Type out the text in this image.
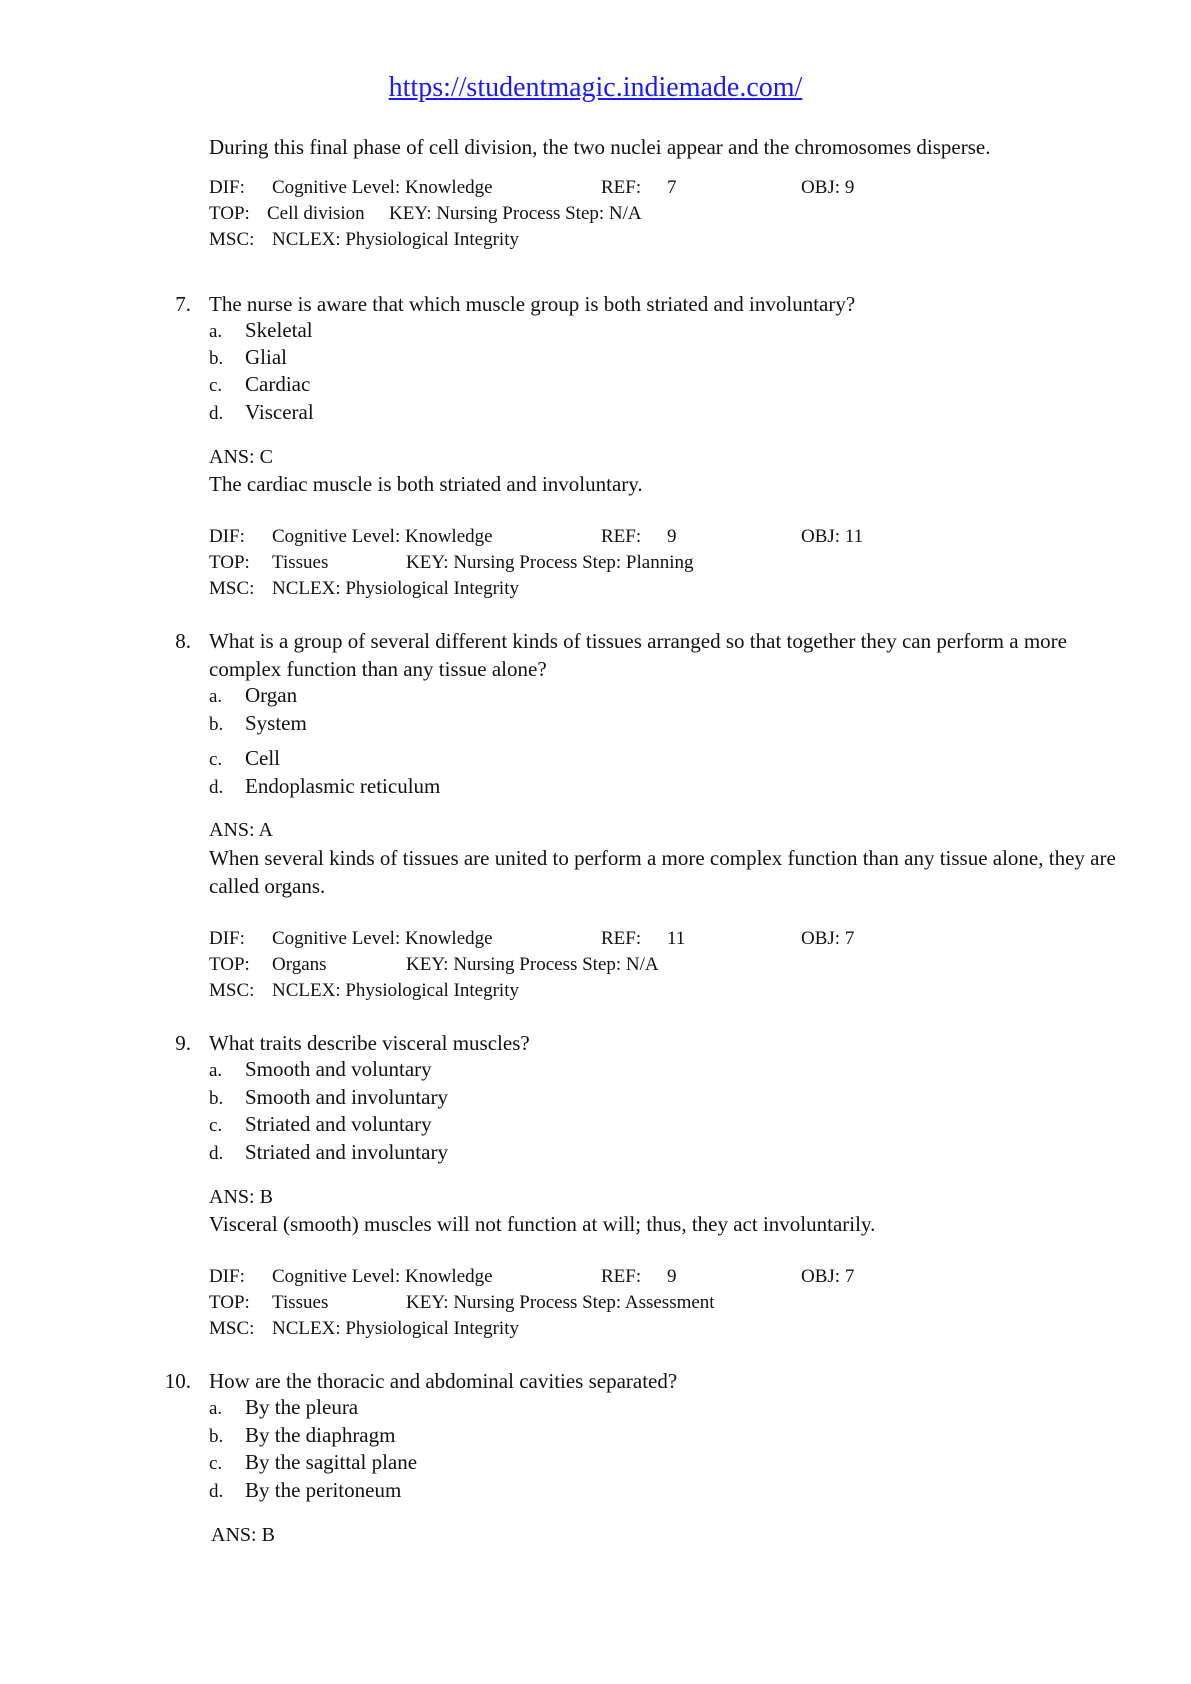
https://studentmagic.indiemade.com/
During this final phase of cell division, the two nuclei appear and the chromosomes disperse.
DIF: Cognitive Level: Knowledge	REF: 7	OBJ: 9
TOP: Cell division KEY: Nursing Process Step: N/A
MSC: NCLEX: Physiological Integrity
7. The nurse is aware that which muscle group is both striated and involuntary?
a. Skeletal
b. Glial
c. Cardiac
d. Visceral
ANS: C
The cardiac muscle is both striated and involuntary.
DIF: Cognitive Level: Knowledge	REF: 9	OBJ: 11
TOP: Tissues	KEY: Nursing Process Step: Planning
MSC: NCLEX: Physiological Integrity
8. What is a group of several different kinds of tissues arranged so that together they can perform a more complex function than any tissue alone?
a. Organ
b. System
c. Cell
d. Endoplasmic reticulum
ANS: A
When several kinds of tissues are united to perform a more complex function than any tissue alone, they are called organs.
DIF: Cognitive Level: Knowledge	REF: 11	OBJ: 7
TOP: Organs	KEY: Nursing Process Step: N/A
MSC: NCLEX: Physiological Integrity
9. What traits describe visceral muscles?
a. Smooth and voluntary
b. Smooth and involuntary
c. Striated and voluntary
d. Striated and involuntary
ANS: B
Visceral (smooth) muscles will not function at will; thus, they act involuntarily.
DIF: Cognitive Level: Knowledge	REF: 9	OBJ: 7
TOP: Tissues	KEY: Nursing Process Step: Assessment
MSC: NCLEX: Physiological Integrity
10. How are the thoracic and abdominal cavities separated?
a. By the pleura
b. By the diaphragm
c. By the sagittal plane
d. By the peritoneum
ANS: B
